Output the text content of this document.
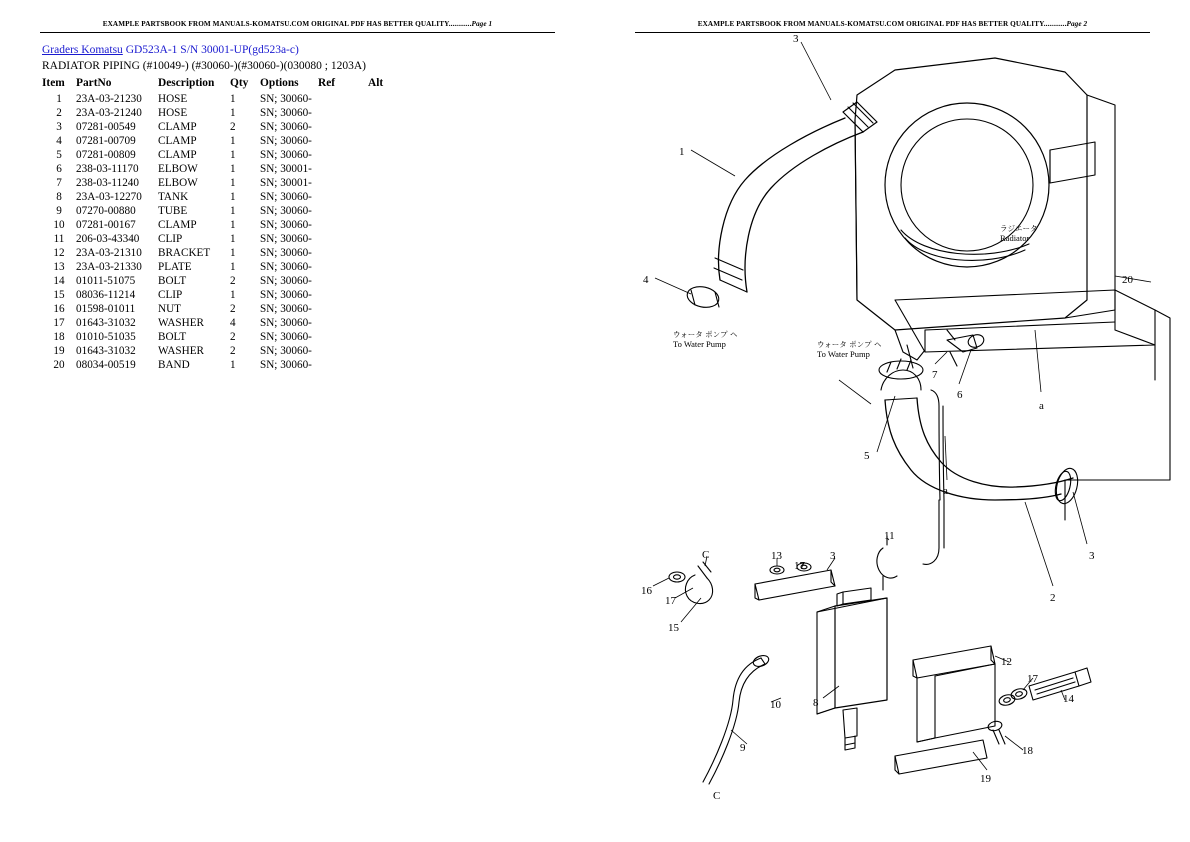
EXAMPLE PARTSBOOK FROM MANUALS-KOMATSU.COM ORIGINAL PDF HAS BETTER QUALITY............Page 1
Graders Komatsu GD523A-1 S/N 30001-UP(gd523a-c)
RADIATOR PIPING (#10049-) (#30060-)(#30060-)(030080 ; 1203A)
Item	PartNo	Description	Qty	Options	Ref	Alt
1	23A-03-21230	HOSE	1	SN; 30060-		
2	23A-03-21240	HOSE	1	SN; 30060-		
3	07281-00549	CLAMP	2	SN; 30060-		
4	07281-00709	CLAMP	1	SN; 30060-		
5	07281-00809	CLAMP	1	SN; 30060-		
6	238-03-11170	ELBOW	1	SN; 30001-		
7	238-03-11240	ELBOW	1	SN; 30001-		
8	23A-03-12270	TANK	1	SN; 30060-		
9	07270-00880	TUBE	1	SN; 30060-		
10	07281-00167	CLAMP	1	SN; 30060-		
11	206-03-43340	CLIP	1	SN; 30060-		
12	23A-03-21310	BRACKET	1	SN; 30060-		
13	23A-03-21330	PLATE	1	SN; 30060-		
14	01011-51075	BOLT	2	SN; 30060-		
15	08036-11214	CLIP	1	SN; 30060-		
16	01598-01011	NUT	2	SN; 30060-		
17	01643-31032	WASHER	4	SN; 30060-		
18	01010-51035	BOLT	2	SN; 30060-		
19	01643-31032	WASHER	2	SN; 30060-		
20	08034-00519	BAND	1	SN; 30060-		
EXAMPLE PARTSBOOK FROM MANUALS-KOMATSU.COM ORIGINAL PDF HAS BETTER QUALITY............Page 2
1
3
4	20
a
7
6
5
a
3
2
16
17
15
C	13
17
3
11
10	8
12
17
14
18
19
9
C
ラジエータ
Radiator
ウォータ ポンプ ヘ
To Water Pump	ウォータ ポンプ ヘ
To Water Pump
